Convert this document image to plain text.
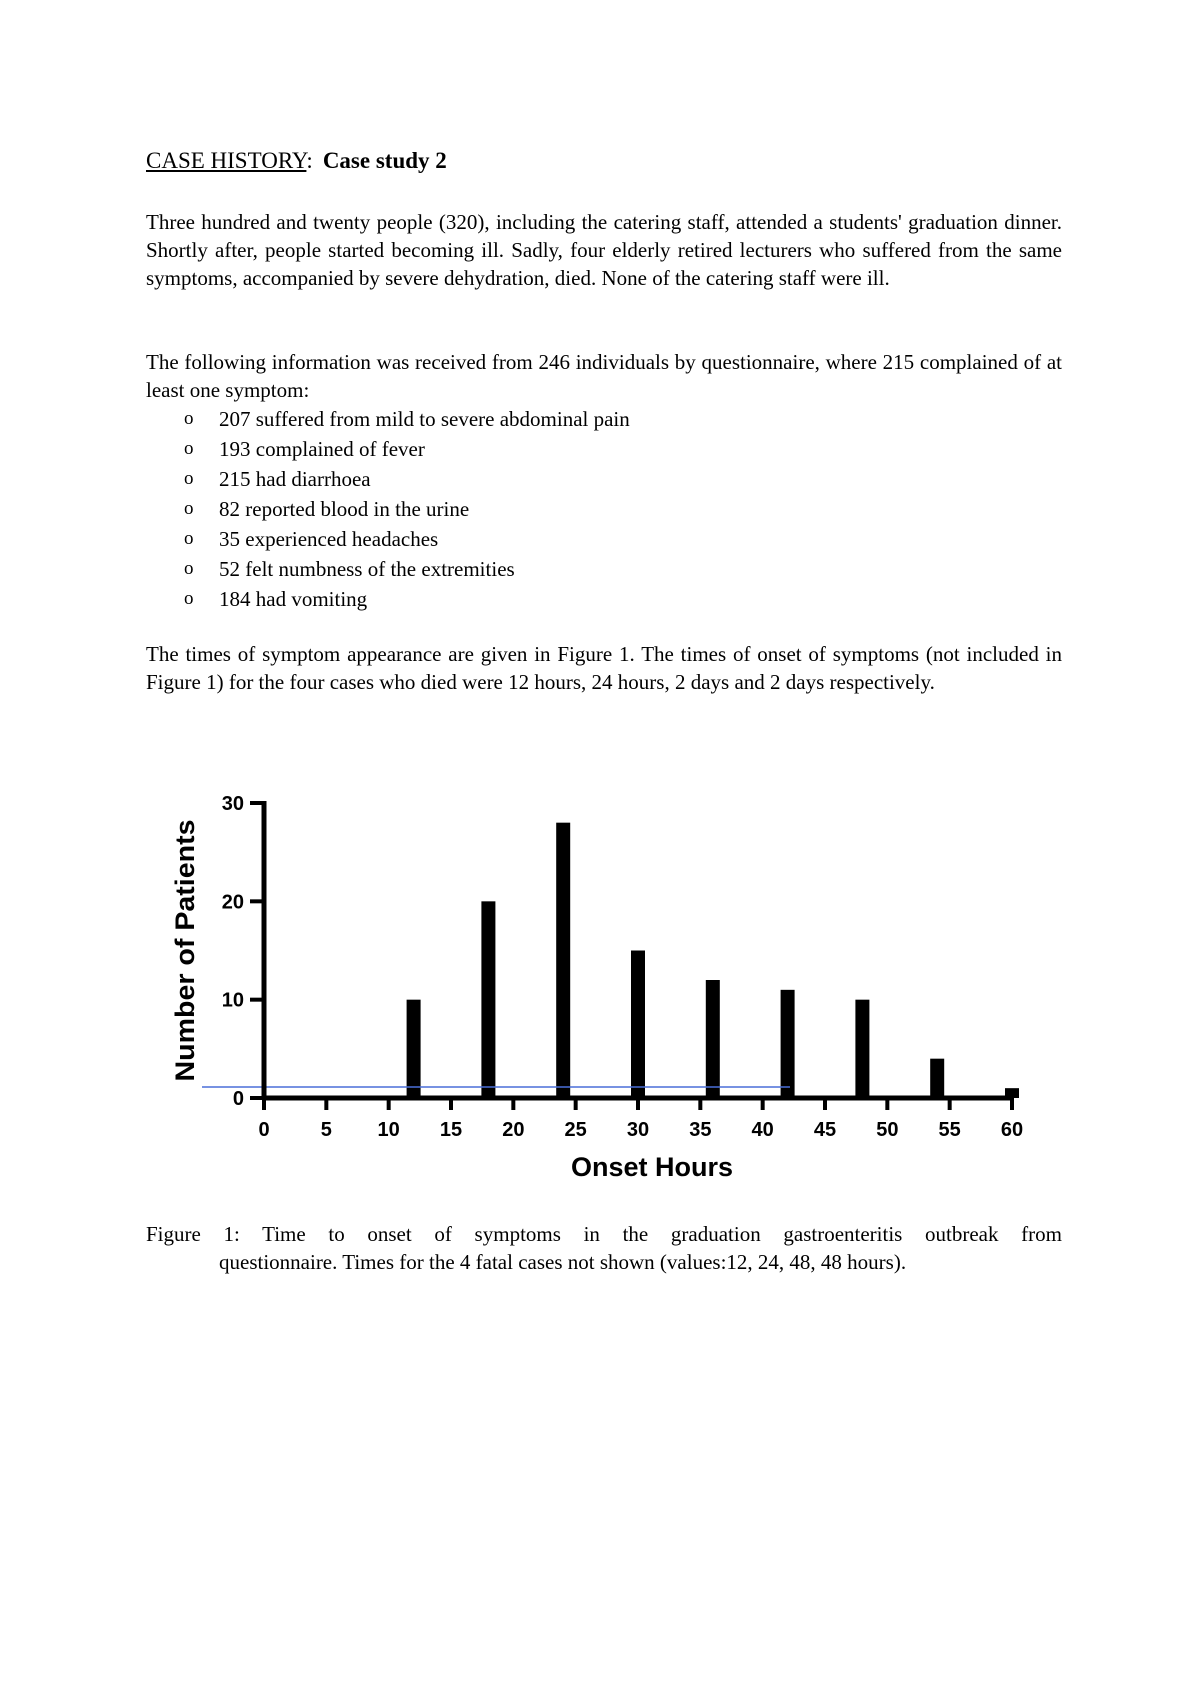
CASE HISTORY: Case study 2

Three hundred and twenty people (320), including the catering staff, attended a students' graduation dinner. Shortly after, people started becoming ill. Sadly, four elderly retired lecturers who suffered from the same symptoms, accompanied by severe dehydration, died. None of the catering staff were ill.

The following information was received from 246 individuals by questionnaire, where 215 complained of at least one symptom:

o 207 suffered from mild to severe abdominal pain
o 193 complained of fever
o 215 had diarrhoea
o 82 reported blood in the urine
o 35 experienced headaches
o 52 felt numbness of the extremities
o 184 had vomiting

The times of symptom appearance are given in Figure 1. The times of onset of symptoms (not included in Figure 1) for the four cases who died were 12 hours, 24 hours, 2 days and 2 days respectively.

Figure 1: Time to onset of symptoms in the graduation gastroenteritis outbreak from
questionnaire. Times for the 4 fatal cases not shown (values:12, 24, 48, 48 hours).

Number of Patients
Onset Hours
0
10
20
30
0	5 10 15 20 25 30 35 40 45 50 55 60
